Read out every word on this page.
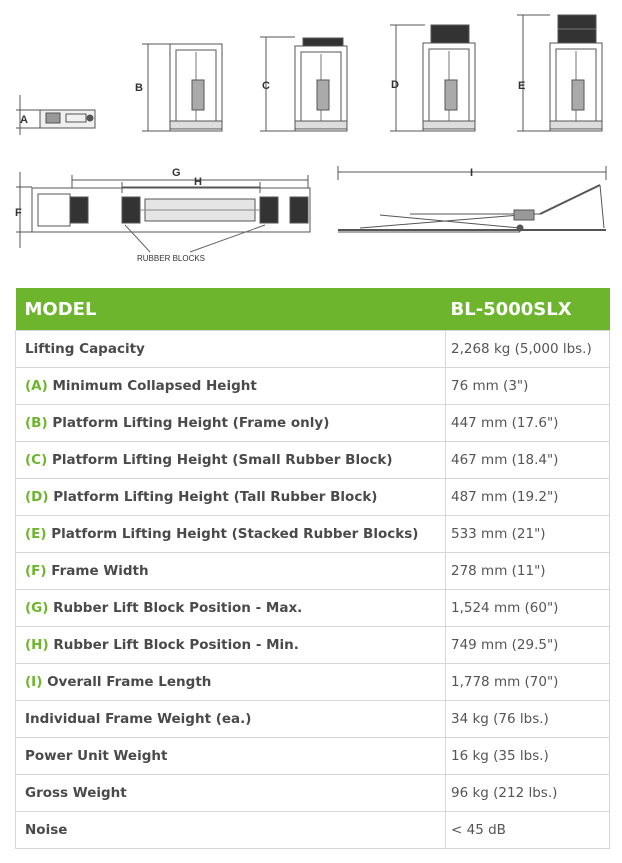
A
B	C	D	E
F
G
H
I
RUBBER BLOCKS
MODEL	BL-5000SLX
Lifting Capacity	2,268 kg (5,000 lbs.)
(A) Minimum Collapsed Height	76 mm (3")
(B) Platform Lifting Height (Frame only)	447 mm (17.6")
(C) Platform Lifting Height (Small Rubber Block)	467 mm (18.4")
(D) Platform Lifting Height (Tall Rubber Block)	487 mm (19.2")
(E) Platform Lifting Height (Stacked Rubber Blocks)	533 mm (21")
(F) Frame Width	278 mm (11")
(G) Rubber Lift Block Position - Max.	1,524 mm (60")
(H) Rubber Lift Block Position - Min.	749 mm (29.5")
(I) Overall Frame Length	1,778 mm (70")
Individual Frame Weight (ea.)	34 kg (76 lbs.)
Power Unit Weight	16 kg (35 lbs.)
Gross Weight	96 kg (212 lbs.)
Noise	< 45 dB
